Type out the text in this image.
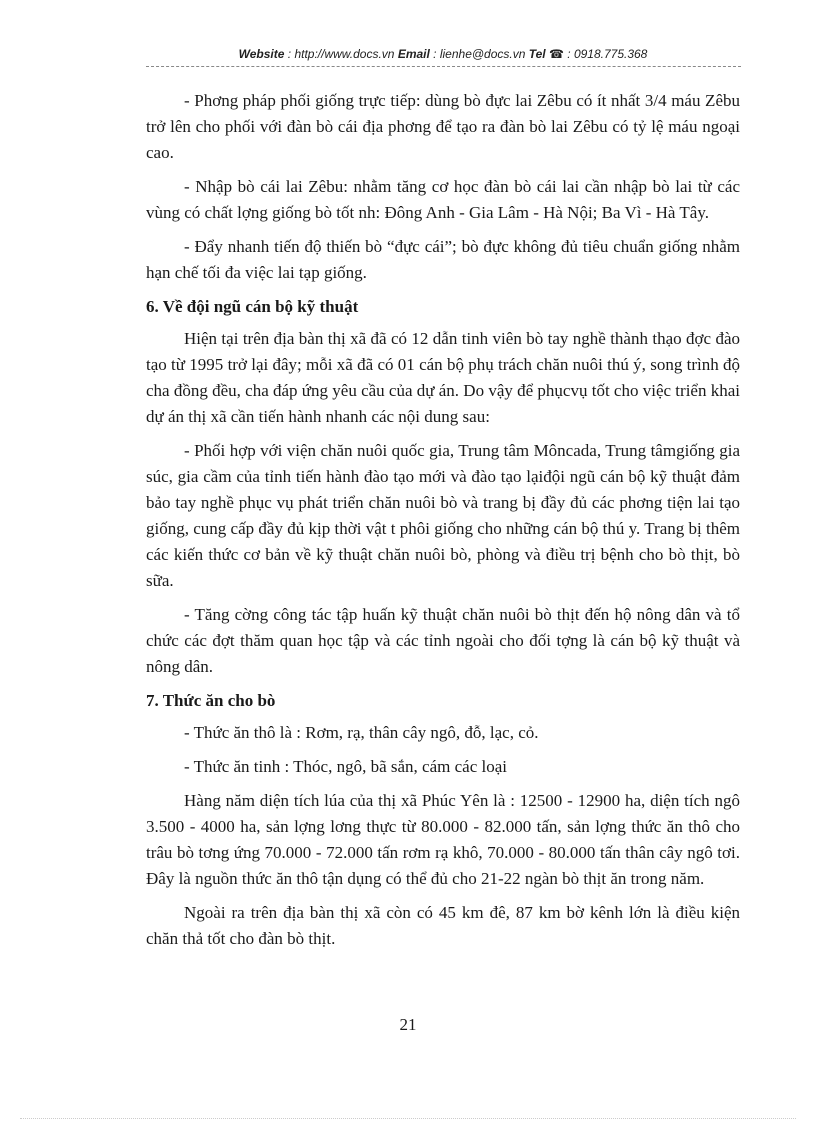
Website : http://www.docs.vn Email : lienhe@docs.vn Tel ☎ : 0918.775.368

- Phơng pháp phối giống trực tiếp: dùng bò đực lai Zêbu có ít nhất 3/4 máu Zêbu trở lên cho phối với đàn bò cái địa phơng để tạo ra đàn bò lai Zêbu có tỷ lệ máu ngoại cao.

- Nhập bò cái lai Zêbu: nhằm tăng cơ học đàn bò cái lai cần nhập bò lai từ các vùng có chất lợng giống bò tốt nh: Đông Anh - Gia Lâm - Hà Nội; Ba Vì - Hà Tây.

- Đẩy nhanh tiến độ thiến bò “đực cái”; bò đực không đủ tiêu chuẩn giống nhằm hạn chế tối đa việc lai tạp giống.

6. Về đội ngũ cán bộ kỹ thuật

Hiện tại trên địa bàn thị xã đã có 12 dẫn tinh viên bò tay nghề thành thạo đợc đào tạo từ 1995 trở lại đây; mỗi xã đã có 01 cán bộ phụ trách chăn nuôi thú ý, song trình độ cha đồng đều, cha đáp ứng yêu cầu của dự án. Do vậy để phụcvụ tốt cho việc triển khai dự án thị xã cần tiến hành nhanh các nội dung sau:

- Phối hợp với viện chăn nuôi quốc gia, Trung tâm Môncada, Trung tâmgiống gia súc, gia cầm của tỉnh tiến hành đào tạo mới và đào tạo lạiđội ngũ cán bộ kỹ thuật đảm bảo tay nghề phục vụ phát triển chăn nuôi bò và trang bị đầy đủ các phơng tiện lai tạo giống, cung cấp đầy đủ kịp thời vật t phôi giống cho những cán bộ thú y. Trang bị thêm các kiến thức cơ bản về kỹ thuật chăn nuôi bò, phòng và điều trị bệnh cho bò thịt, bò sữa.

- Tăng cờng công tác tập huấn kỹ thuật chăn nuôi bò thịt đến hộ nông dân và tổ chức các đợt thăm quan học tập và các tỉnh ngoài cho đối tợng là cán bộ kỹ thuật và nông dân.

7. Thức ăn cho bò

- Thức ăn thô là : Rơm, rạ, thân cây ngô, đỗ, lạc, cỏ.

- Thức ăn tinh : Thóc, ngô, bã sắn, cám các loại

Hàng năm diện tích lúa của thị xã Phúc Yên là : 12500 - 12900 ha, diện tích ngô 3.500 - 4000 ha, sản lợng lơng thực từ 80.000 - 82.000 tấn, sản lợng thức ăn thô cho trâu bò tơng ứng 70.000 - 72.000 tấn rơm rạ khô, 70.000 - 80.000 tấn thân cây ngô tơi. Đây là nguồn thức ăn thô tận dụng có thể đủ cho 21-22 ngàn bò thịt ăn trong năm.

Ngoài ra trên địa bàn thị xã còn có 45 km đê, 87 km bờ kênh lớn là điều kiện chăn thả tốt cho đàn bò thịt.

21
